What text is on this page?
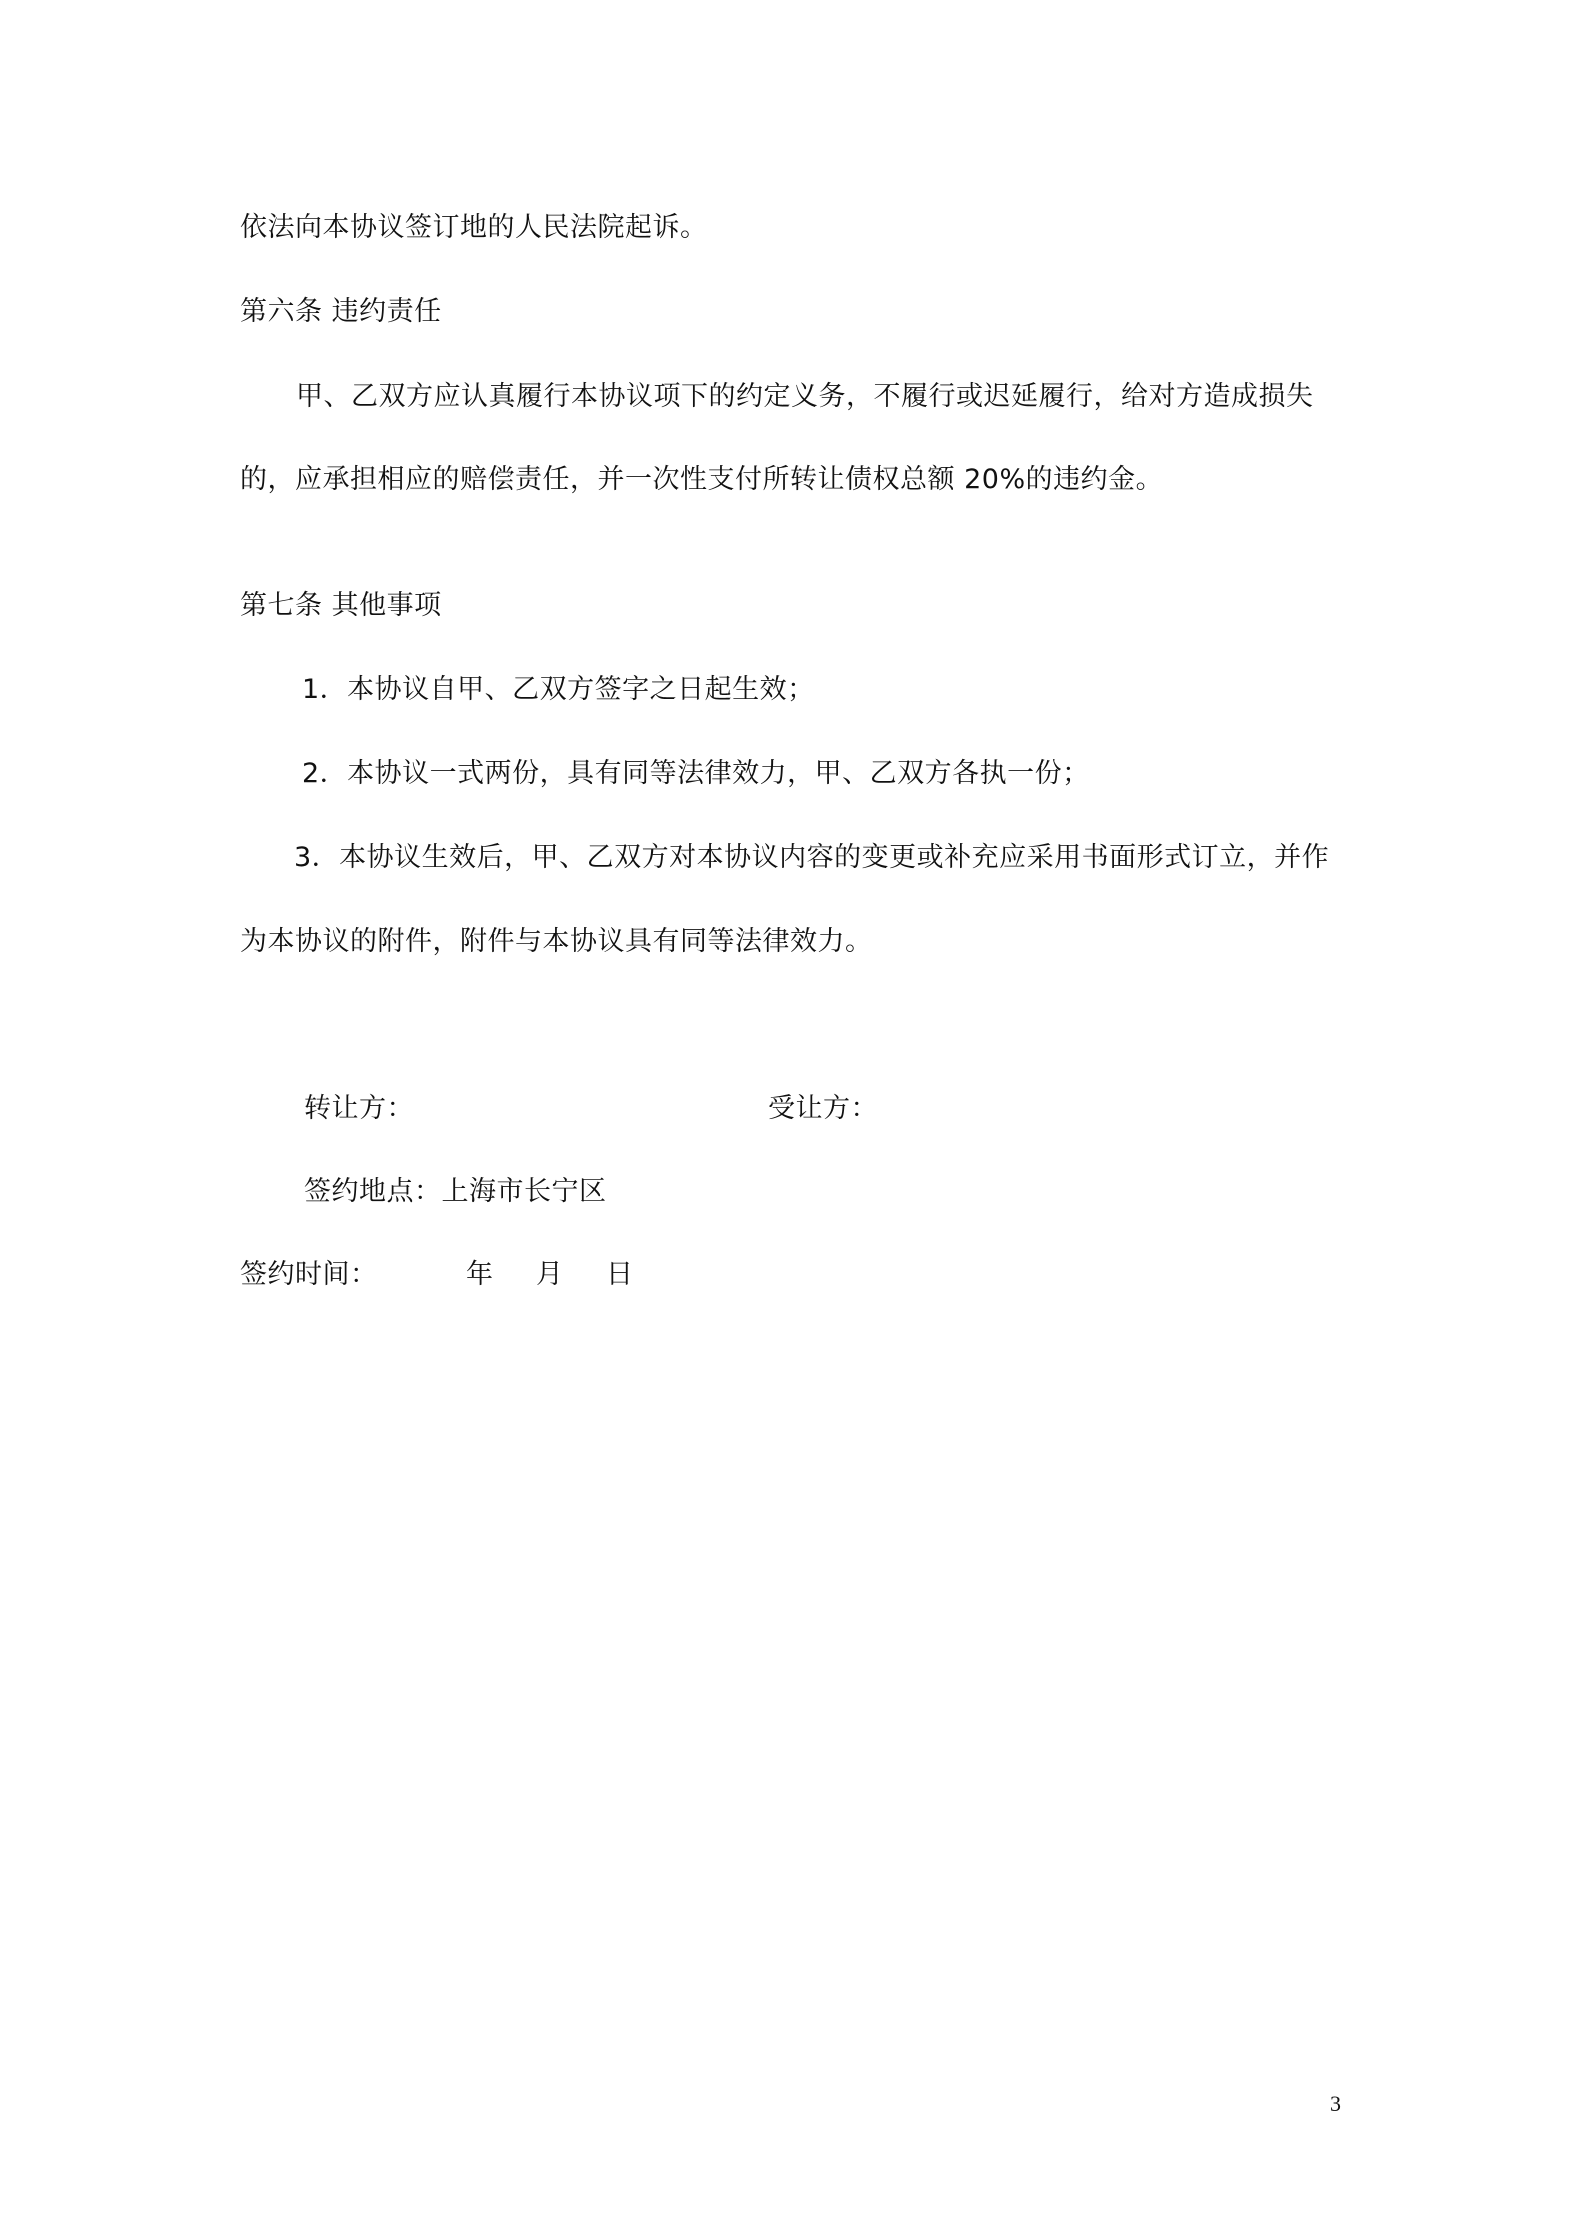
依法向本协议签订地的人民法院起诉。
第六条 违约责任
甲、乙双方应认真履行本协议项下的约定义务，不履行或迟延履行，给对方造成损失
的，应承担相应的赔偿责任，并一次性支付所转让债权总额 20%的违约金。
第七条 其他事项
1．本协议自甲、乙双方签字之日起生效；
2．本协议一式两份，具有同等法律效力，甲、乙双方各执一份；
3．本协议生效后，甲、乙双方对本协议内容的变更或补充应采用书面形式订立，并作
为本协议的附件，附件与本协议具有同等法律效力。
转让方：	受让方：
签约地点：上海市长宁区
签约时间：	年 月 日
3
